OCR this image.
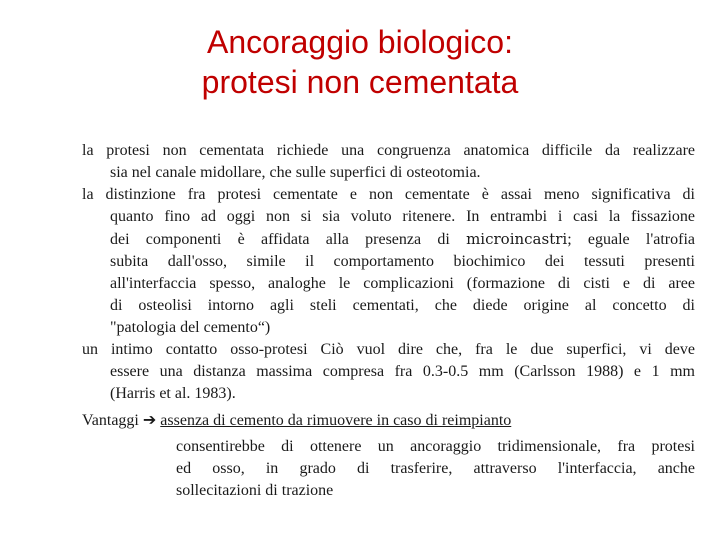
Ancoraggio biologico:
protesi non cementata
la protesi non cementata richiede una congruenza anatomica difficile da realizzare
sia nel canale midollare, che sulle superfici di osteotomia.
la distinzione fra protesi cementate e non cementate è assai meno significativa di
quanto fino ad oggi non si sia voluto ritenere. In entrambi i casi la fissazione
dei componenti è affidata alla presenza di microincastri; eguale l'atrofia
subita dall'osso, simile il comportamento biochimico dei tessuti presenti
all'interfaccia spesso, analoghe le complicazioni (formazione di cisti e di aree
di osteolisi intorno agli steli cementati, che diede origine al concetto di
"patologia del cemento“)
un intimo contatto osso-protesi Ciò vuol dire che, fra le due superfici, vi deve
essere una distanza massima compresa fra 0.3-0.5 mm (Carlsson 1988) e 1 mm
(Harris et al. 1983).
Vantaggi ➔ assenza di cemento da rimuovere in caso di reimpianto
consentirebbe di ottenere un ancoraggio tridimensionale, fra protesi
ed osso, in grado di trasferire, attraverso l'interfaccia, anche
sollecitazioni di trazione
